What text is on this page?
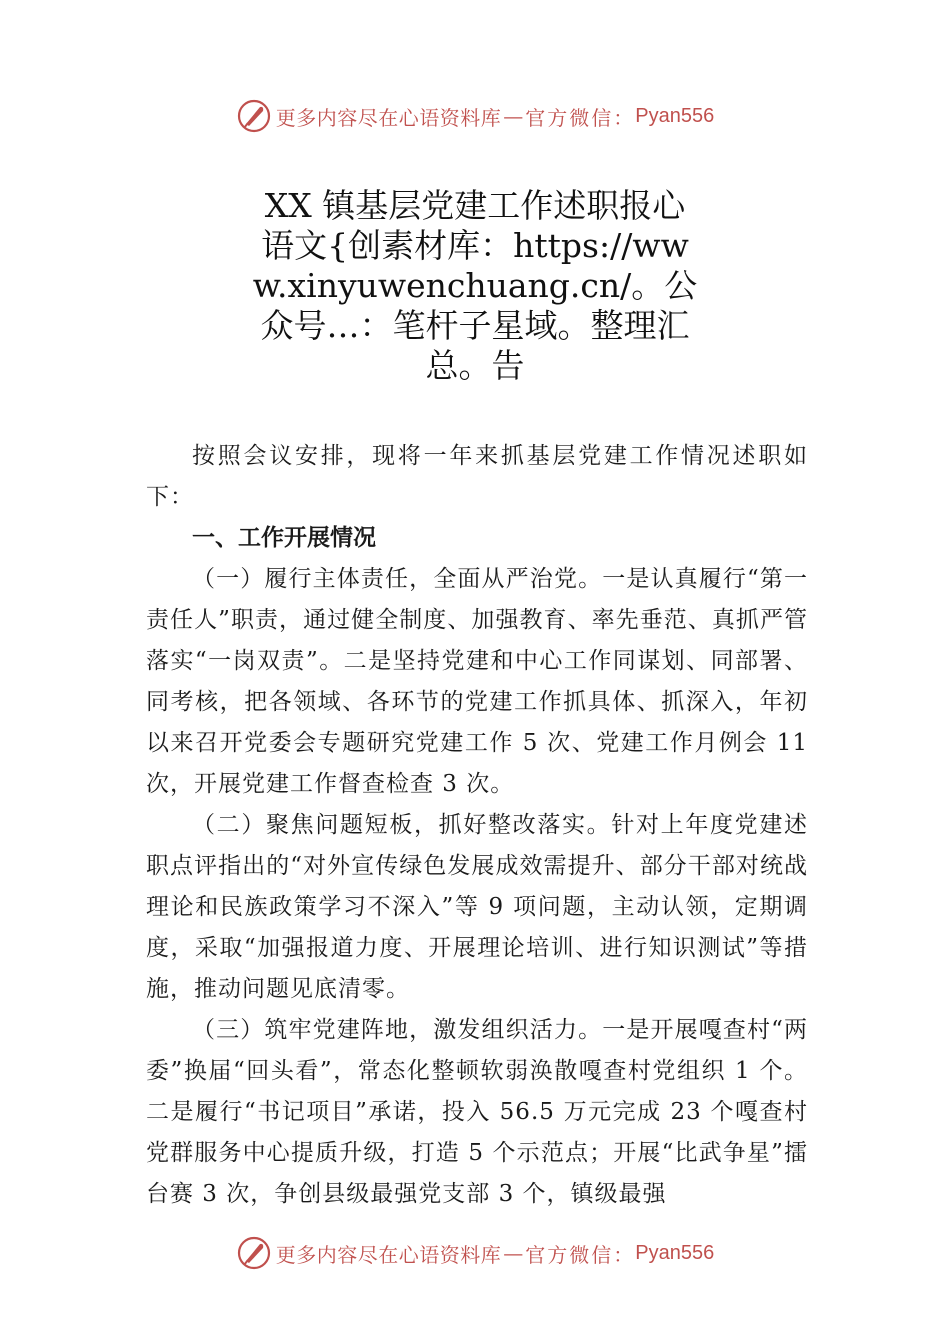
更多内容尽在心语资料库 — 官方微信： Pyan556
XX 镇基层党建工作述职报心语文{创素材库：https://www.xinyuwenchuang.cn/。公众号…：笔杆子星域。整理汇总。告

按照会议安排，现将一年来抓基层党建工作情况述职如下：

一、工作开展情况

（一）履行主体责任，全面从严治党。一是认真履行“第一责任人”职责，通过健全制度、加强教育、率先垂范、真抓严管落实“一岗双责”。二是坚持党建和中心工作同谋划、同部署、同考核，把各领域、各环节的党建工作抓具体、抓深入，年初以来召开党委会专题研究党建工作 5 次、党建工作月例会 11 次，开展党建工作督查检查 3 次。

（二）聚焦问题短板，抓好整改落实。针对上年度党建述职点评指出的“对外宣传绿色发展成效需提升、部分干部对统战理论和民族政策学习不深入”等 9 项问题，主动认领，定期调度，采取“加强报道力度、开展理论培训、进行知识测试”等措施，推动问题见底清零。

（三）筑牢党建阵地，激发组织活力。一是开展嘎查村“两委”换届“回头看”，常态化整顿软弱涣散嘎查村党组织 1 个。二是履行“书记项目”承诺，投入 56.5 万元完成 23 个嘎查村党群服务中心提质升级，打造 5 个示范点；开展“比武争星”擂台赛 3 次，争创县级最强党支部 3 个，镇级最强

更多内容尽在心语资料库 — 官方微信： Pyan556
